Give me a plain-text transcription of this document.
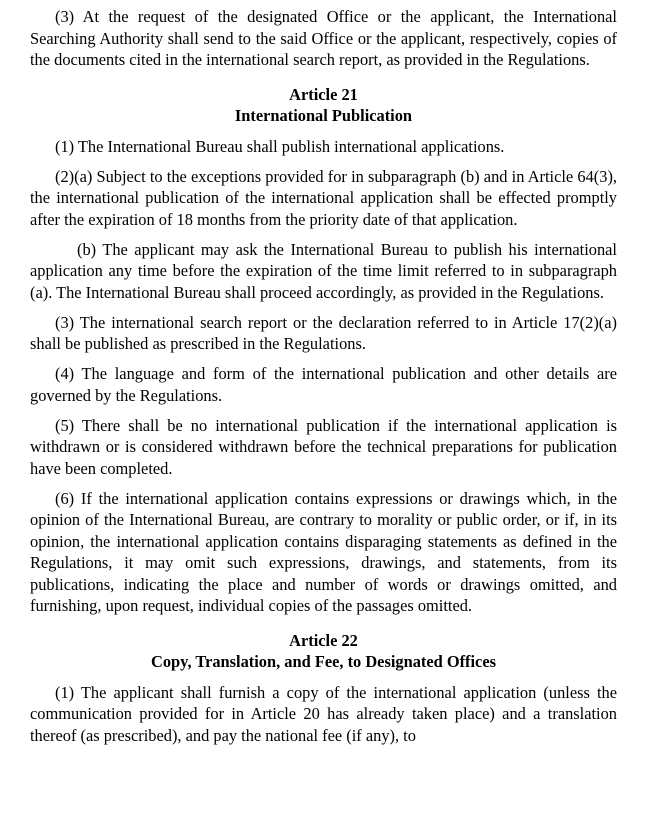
(3) At the request of the designated Office or the applicant, the International Searching Authority shall send to the said Office or the applicant, respectively, copies of the documents cited in the international search report, as provided in the Regulations.

Article 21

International Publication

(1) The International Bureau shall publish international applications.

(2)(a) Subject to the exceptions provided for in subparagraph (b) and in Article 64(3), the international publication of the international application shall be effected promptly after the expiration of 18 months from the priority date of that application.

(b) The applicant may ask the International Bureau to publish his international application any time before the expiration of the time limit referred to in subparagraph (a). The International Bureau shall proceed accordingly, as provided in the Regulations.

(3) The international search report or the declaration referred to in Article 17(2)(a) shall be published as prescribed in the Regulations.

(4) The language and form of the international publication and other details are governed by the Regulations.

(5) There shall be no international publication if the international application is withdrawn or is considered withdrawn before the technical preparations for publication have been completed.

(6) If the international application contains expressions or drawings which, in the opinion of the International Bureau, are contrary to morality or public order, or if, in its opinion, the international application contains disparaging statements as defined in the Regulations, it may omit such expressions, drawings, and statements, from its publications, indicating the place and number of words or drawings omitted, and furnishing, upon request, individual copies of the passages omitted.

Article 22

Copy, Translation, and Fee, to Designated Offices

(1) The applicant shall furnish a copy of the international application (unless the communication provided for in Article 20 has already taken place) and a translation thereof (as prescribed), and pay the national fee (if any), to
